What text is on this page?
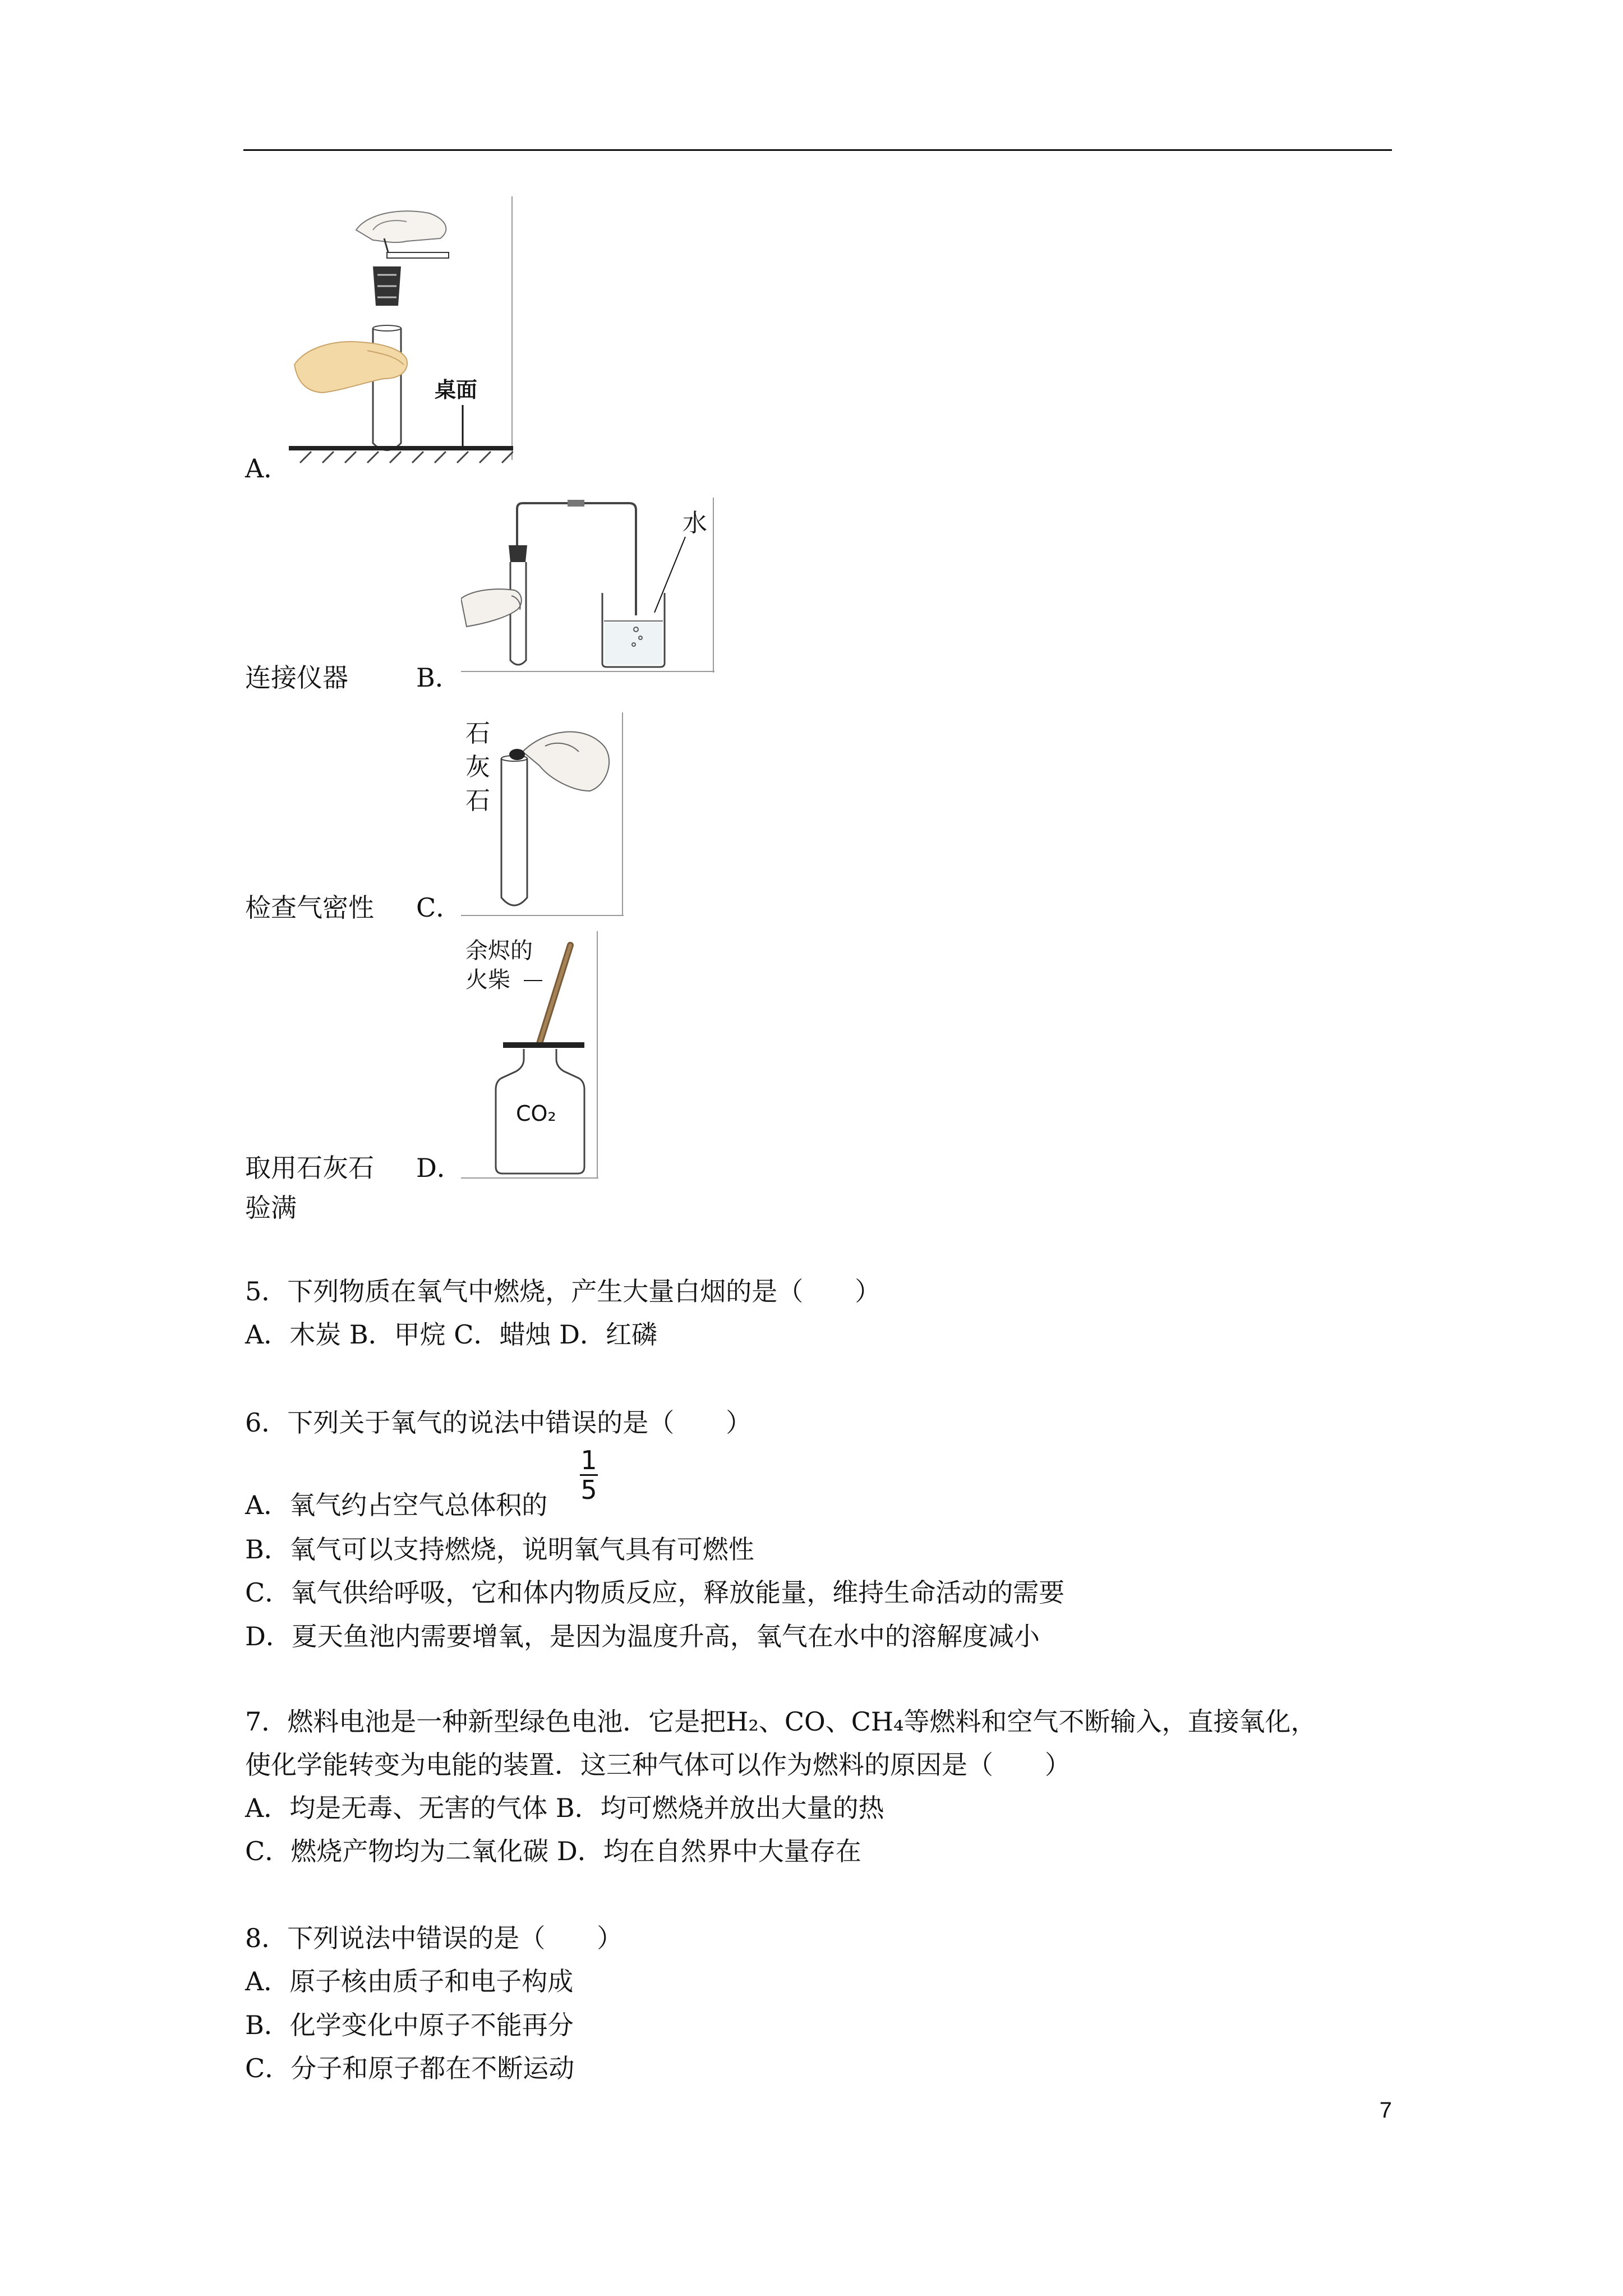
桌面
A．
水
连接仪器	B．
石
灰
石
检查气密性 C．
余烬的
火柴
CO₂
取用石灰石 D．
验满
5．下列物质在氧气中燃烧，产生大量白烟的是（　　）
A．木炭 B．甲烷 C．蜡烛 D．红磷
6．下列关于氧气的说法中错误的是（　　）
A．氧气约占空气总体积的
1
5
B．氧气可以支持燃烧，说明氧气具有可燃性
C．氧气供给呼吸，它和体内物质反应，释放能量，维持生命活动的需要
D．夏天鱼池内需要增氧，是因为温度升高，氧气在水中的溶解度减小
7．燃料电池是一种新型绿色电池．它是把H₂、CO、CH₄等燃料和空气不断输入，直接氧化，
使化学能转变为电能的装置．这三种气体可以作为燃料的原因是（　　）
A．均是无毒、无害的气体 B．均可燃烧并放出大量的热
C．燃烧产物均为二氧化碳 D．均在自然界中大量存在
8．下列说法中错误的是（　　）
A．原子核由质子和电子构成
B．化学变化中原子不能再分
C．分子和原子都在不断运动
7
